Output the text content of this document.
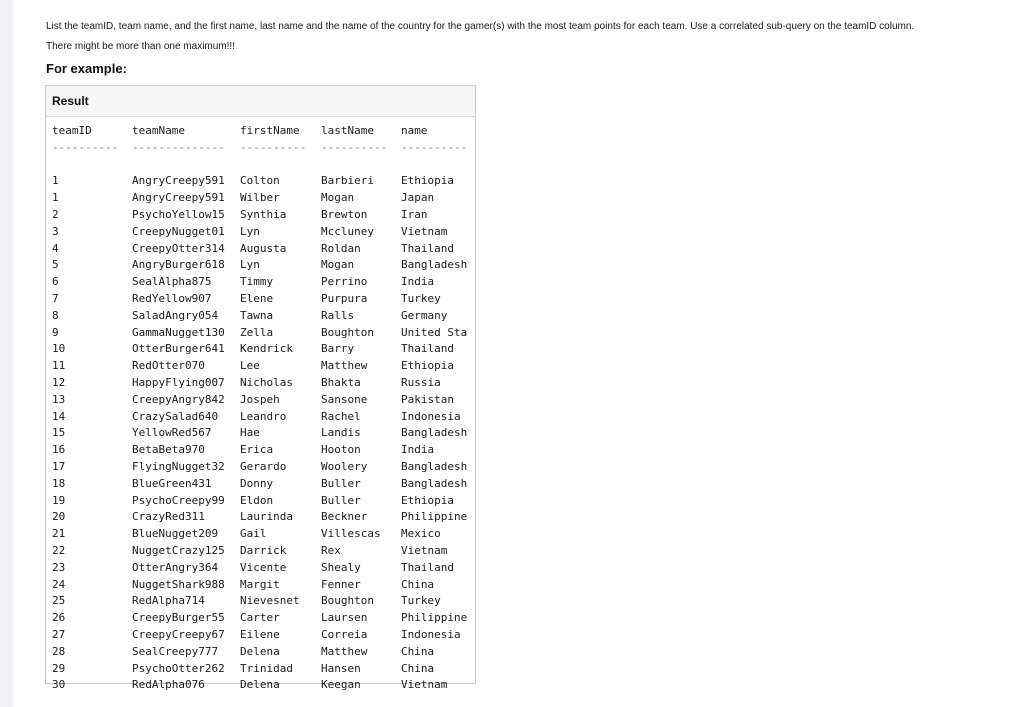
List the teamID, team name, and the first name, last name and the name of the country for the gamer(s) with the most team points for each team. Use a correlated sub-query on the teamID column.
There might be more than one maximum!!!
For example:
Result
teamID	teamName	firstName	lastName	name
----------	--------------	----------	----------	----------
1	AngryCreepy591	Colton	Barbieri	Ethiopia
1	AngryCreepy591	Wilber	Mogan	Japan
2	PsychoYellow15	Synthia	Brewton	Iran
3	CreepyNugget01	Lyn	Mccluney	Vietnam
4	CreepyOtter314	Augusta	Roldan	Thailand
5	AngryBurger618	Lyn	Mogan	Bangladesh
6	SealAlpha875	Timmy	Perrino	India
7	RedYellow907	Elene	Purpura	Turkey
8	SaladAngry054	Tawna	Ralls	Germany
9	GammaNugget130	Zella	Boughton	United Sta
10	OtterBurger641	Kendrick	Barry	Thailand
11	RedOtter070	Lee	Matthew	Ethiopia
12	HappyFlying007	Nicholas	Bhakta	Russia
13	CreepyAngry842	Jospeh	Sansone	Pakistan
14	CrazySalad640	Leandro	Rachel	Indonesia
15	YellowRed567	Hae	Landis	Bangladesh
16	BetaBeta970	Erica	Hooton	India
17	FlyingNugget32	Gerardo	Woolery	Bangladesh
18	BlueGreen431	Donny	Buller	Bangladesh
19	PsychoCreepy99	Eldon	Buller	Ethiopia
20	CrazyRed311	Laurinda	Beckner	Philippine
21	BlueNugget209	Gail	Villescas	Mexico
22	NuggetCrazy125	Darrick	Rex	Vietnam
23	OtterAngry364	Vicente	Shealy	Thailand
24	NuggetShark988	Margit	Fenner	China
25	RedAlpha714	Nievesnet	Boughton	Turkey
26	CreepyBurger55	Carter	Laursen	Philippine
27	CreepyCreepy67	Eilene	Correia	Indonesia
28	SealCreepy777	Delena	Matthew	China
29	PsychoOtter262	Trinidad	Hansen	China
30	RedAlpha076	Delena	Keegan	Vietnam
